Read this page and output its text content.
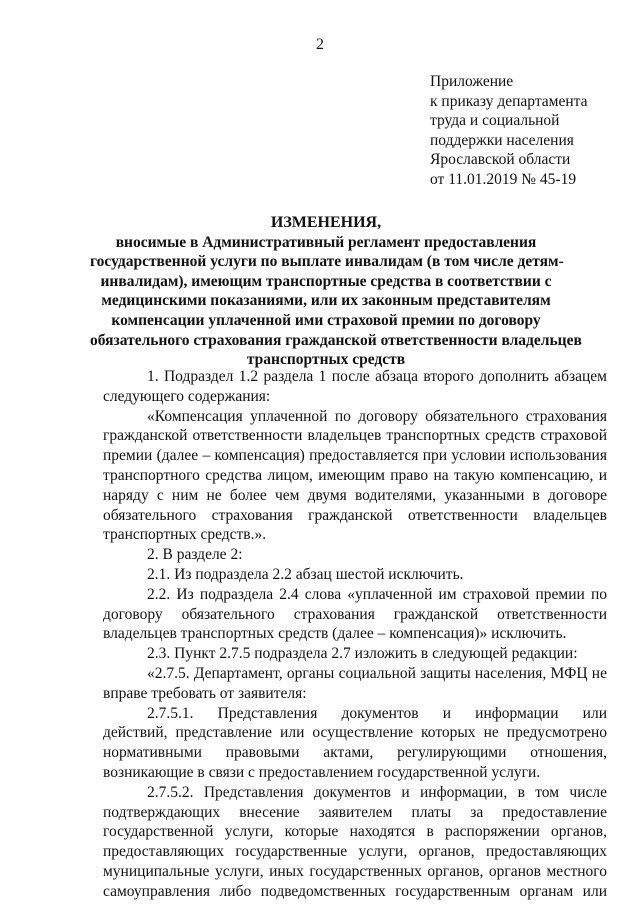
2
Приложение
к приказу департамента
труда и социальной
поддержки населения
Ярославской области
от 11.01.2019 № 45-19
ИЗМЕНЕНИЯ,
вносимые в Административный регламент предоставления
государственной услуги по выплате инвалидам (в том числе детям-
инвалидам), имеющим транспортные средства в соответствии с
медицинскими показаниями, или их законным представителям
компенсации уплаченной ими страховой премии по договору
обязательного страхования гражданской ответственности владельцев
транспортных средств
1. Подраздел 1.2 раздела 1 после абзаца второго дополнить абзацем
следующего содержания:
«Компенсация уплаченной по договору обязательного страхования
гражданской ответственности владельцев транспортных средств страховой
премии (далее – компенсация) предоставляется при условии использования
транспортного средства лицом, имеющим право на такую компенсацию, и
наряду с ним не более чем двумя водителями, указанными в договоре
обязательного страхования гражданской ответственности владельцев
транспортных средств.».
2. В разделе 2:
2.1. Из подраздела 2.2 абзац шестой исключить.
2.2. Из подраздела 2.4 слова «уплаченной им страховой премии по
договору обязательного страхования гражданской ответственности
владельцев транспортных средств (далее – компенсация)» исключить.
2.3. Пункт 2.7.5 подраздела 2.7 изложить в следующей редакции:
«2.7.5. Департамент, органы социальной защиты населения, МФЦ не
вправе требовать от заявителя:
2.7.5.1. Представления документов и информации или
действий, представление или осуществление которых не предусмотрено
нормативными правовыми актами, регулирующими отношения,
возникающие в связи с предоставлением государственной услуги.
2.7.5.2. Представления документов и информации, в том числе
подтверждающих внесение заявителем платы за предоставление
государственной услуги, которые находятся в распоряжении органов,
предоставляющих государственные услуги, органов, предоставляющих
муниципальные услуги, иных государственных органов, органов местного
самоуправления либо подведомственных государственным органам или
